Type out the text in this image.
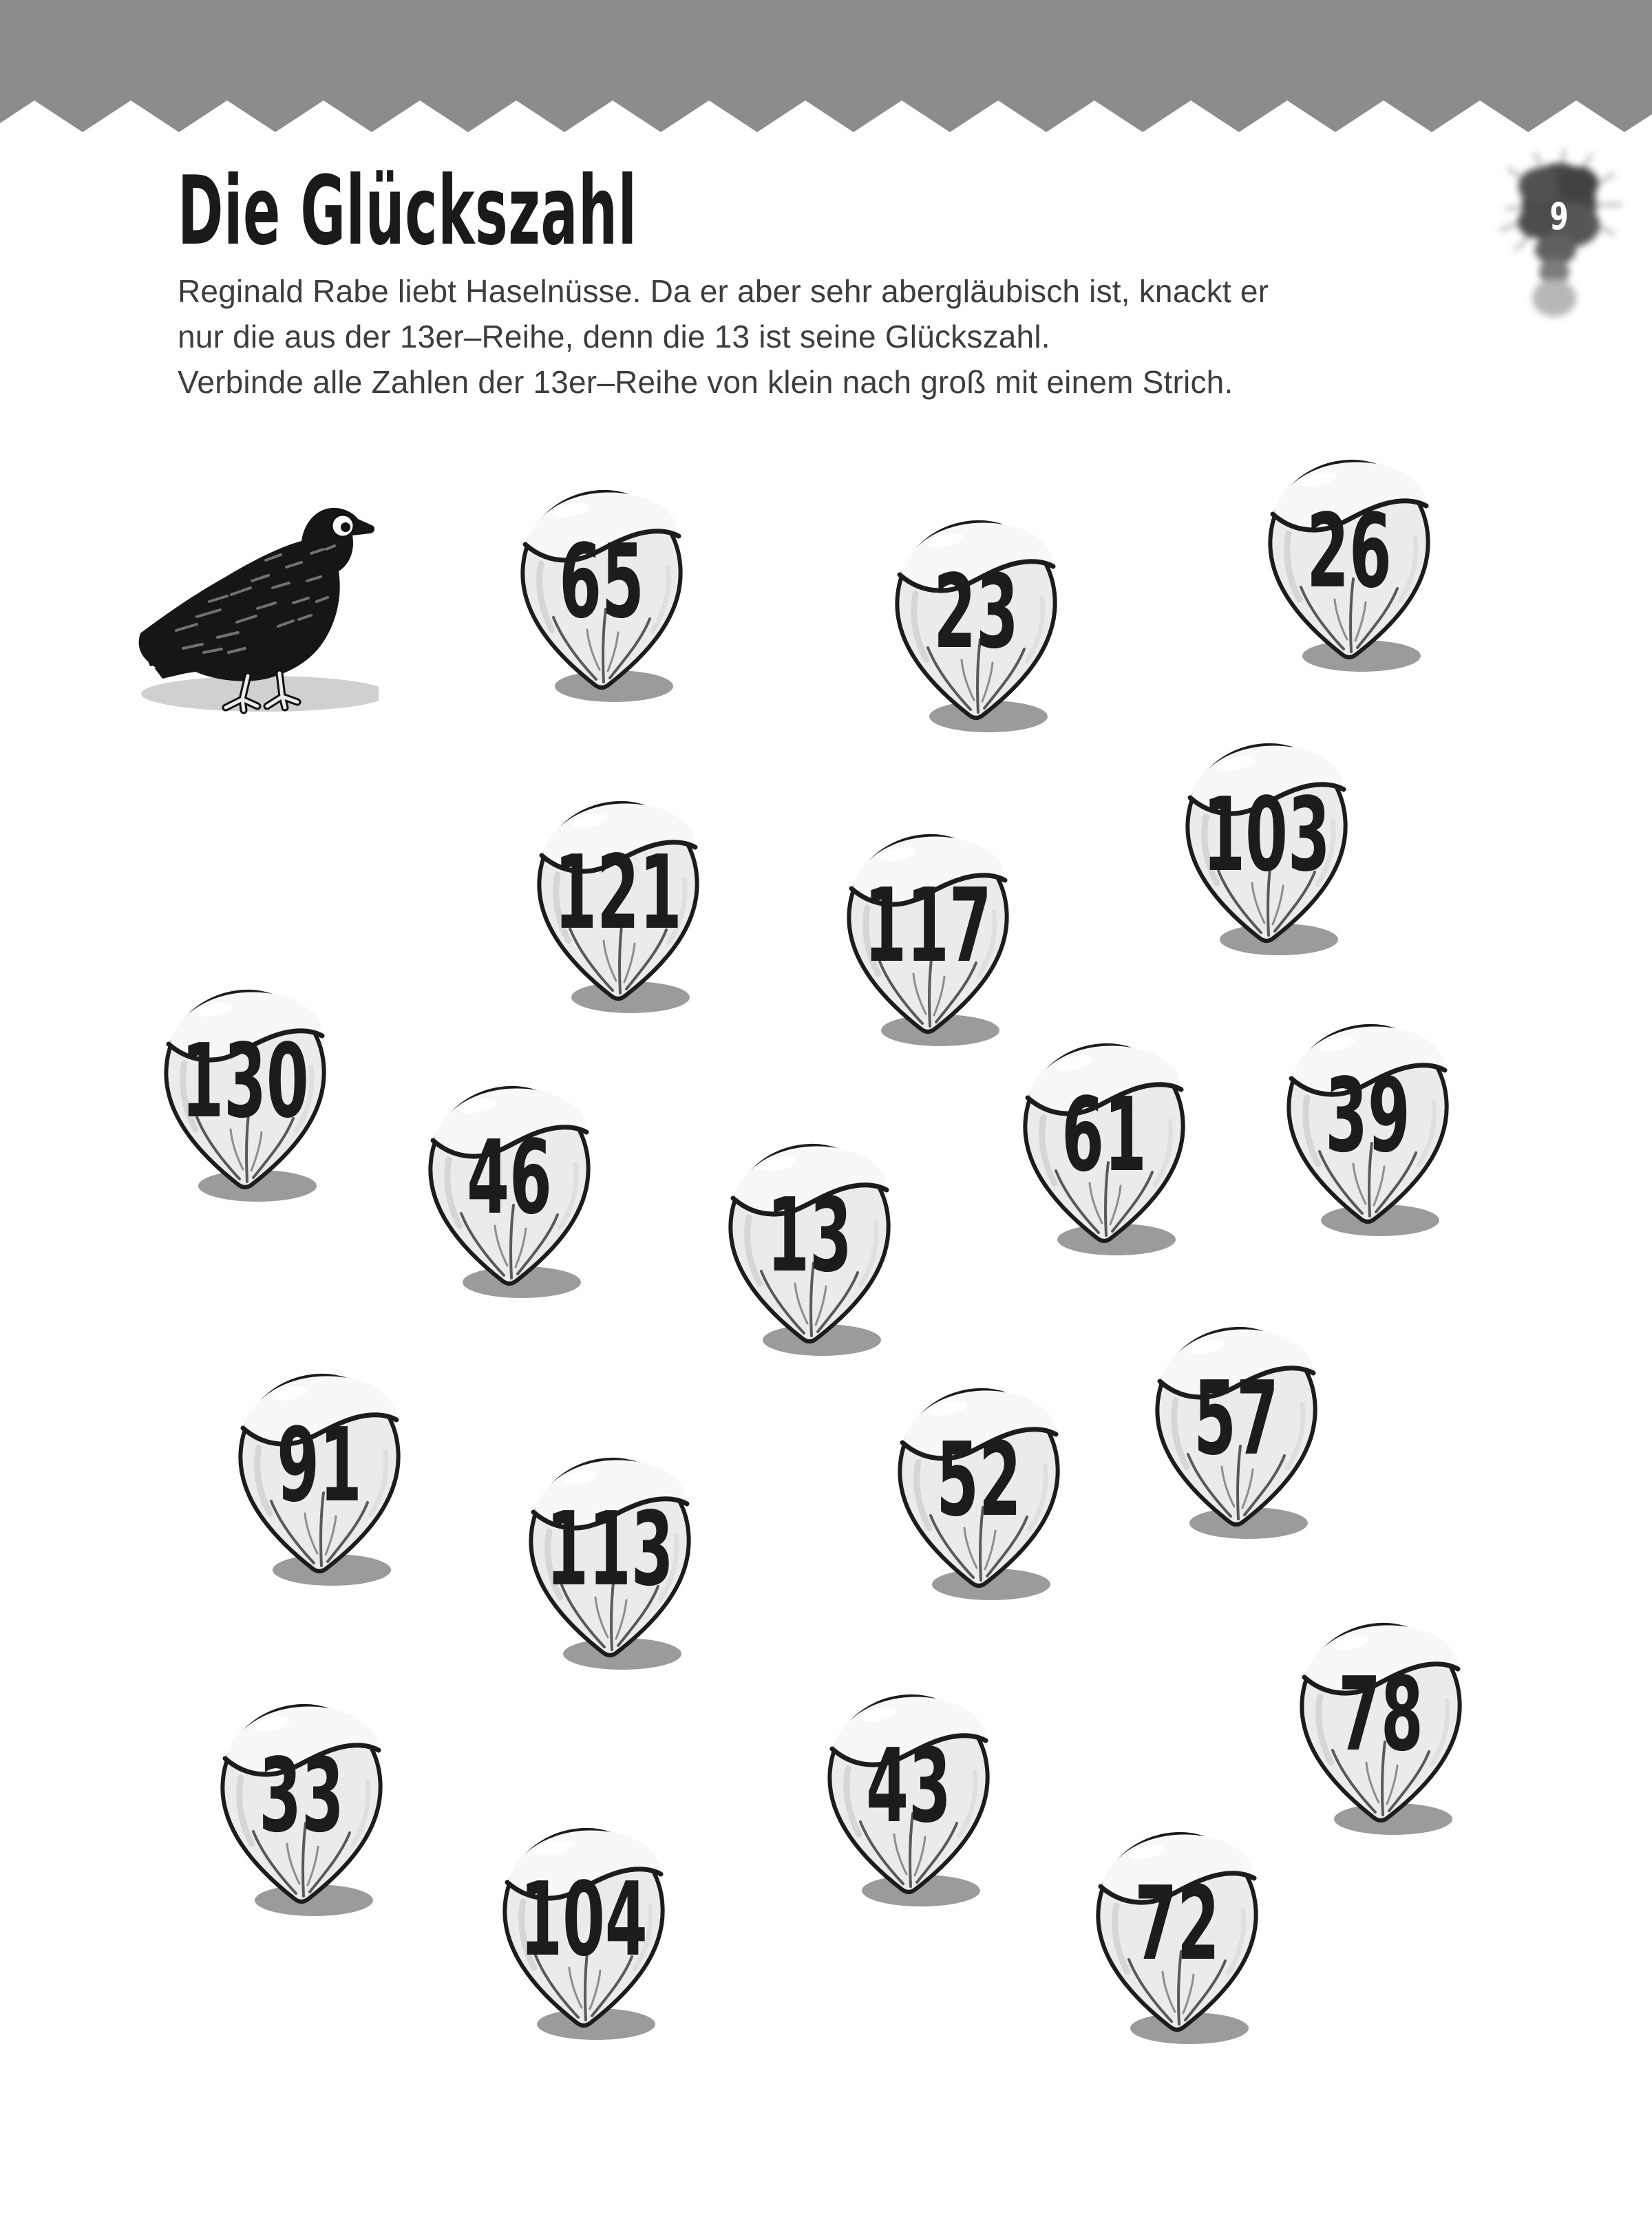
9
Die Glückszahl
Reginald Rabe liebt Haselnüsse. Da er aber sehr abergläubisch ist, knackt er
nur die aus der 13er–Reihe, denn die 13 ist seine Glückszahl.
Verbinde alle Zahlen der 13er–Reihe von klein nach groß mit einem Strich.
65	23
26
121 117
103
130
46 13
61 39
91
113
52
57
33
104
43
78
72
